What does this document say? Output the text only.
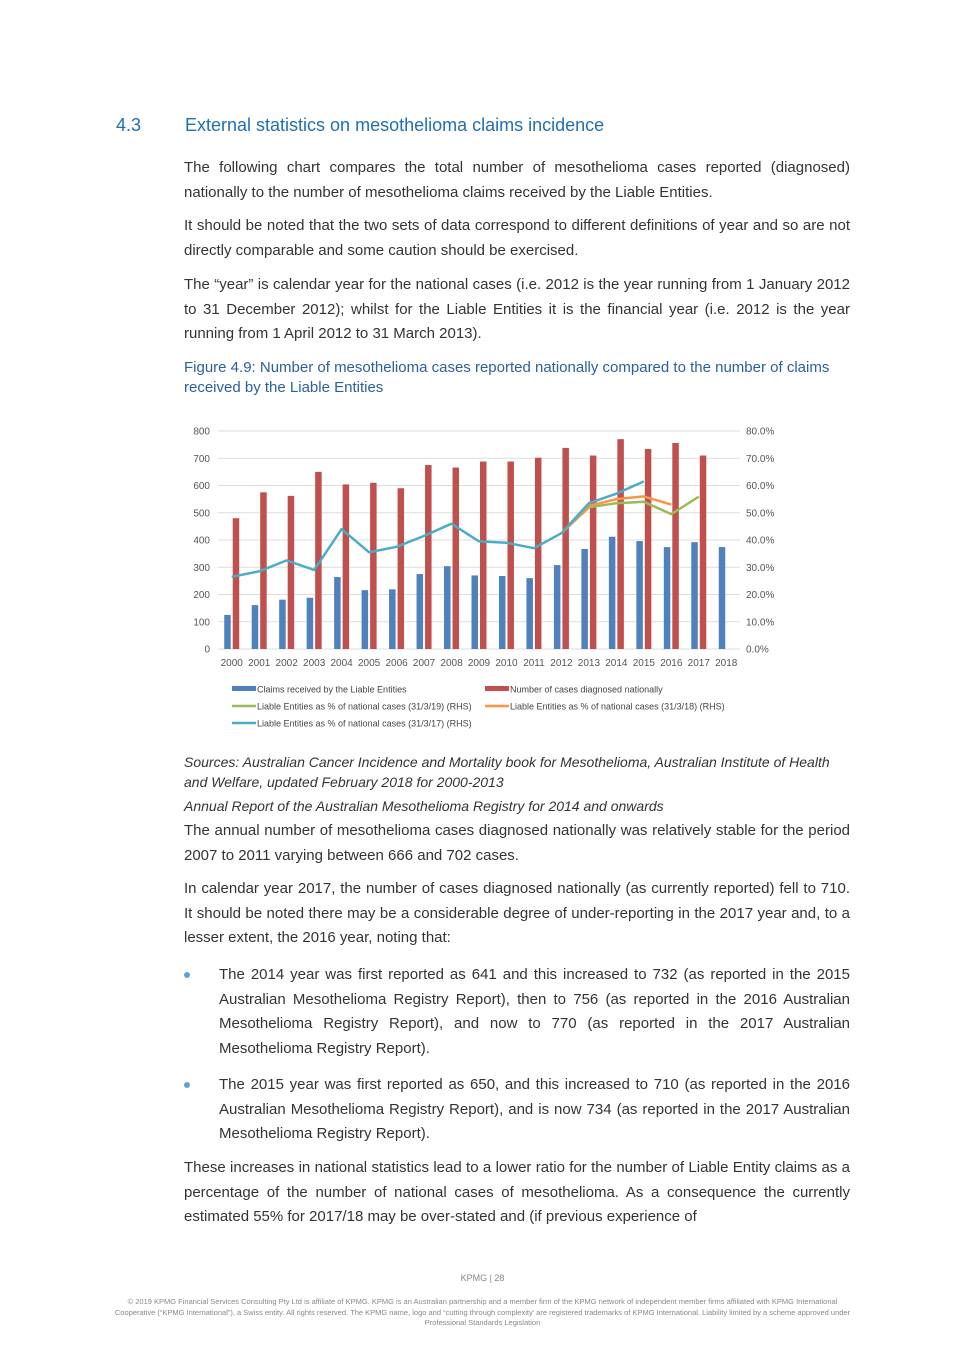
4.3 External statistics on mesothelioma claims incidence

The following chart compares the total number of mesothelioma cases reported (diagnosed) nationally to the number of mesothelioma claims received by the Liable Entities.

It should be noted that the two sets of data correspond to different definitions of year and so are not directly comparable and some caution should be exercised.

The “year” is calendar year for the national cases (i.e. 2012 is the year running from 1 January 2012 to 31 December 2012); whilst for the Liable Entities it is the financial year (i.e. 2012 is the year running from 1 April 2012 to 31 March 2013).

Figure 4.9: Number of mesothelioma cases reported nationally compared to the number of claims received by the Liable Entities
0
100
200
300
400
500
600
700
800
0.0%
10.0%
20.0%
30.0%
40.0%
50.0%
60.0%
70.0%
80.0%
2000 2001 2002 2003 2004 2005 2006 2007 2008 2009 2010 2011 2012 2013 2014 2015 2016 2017 2018
Claims received by the Liable Entities	Number of cases diagnosed nationally
Liable Entities as % of national cases (31/3/19) (RHS)	Liable Entities as % of national cases (31/3/18) (RHS)
Liable Entities as % of national cases (31/3/17) (RHS)
Sources: Australian Cancer Incidence and Mortality book for Mesothelioma, Australian Institute of Health and Welfare, updated February 2018 for 2000-2013
Annual Report of the Australian Mesothelioma Registry for 2014 and onwards

The annual number of mesothelioma cases diagnosed nationally was relatively stable for the period 2007 to 2011 varying between 666 and 702 cases.

In calendar year 2017, the number of cases diagnosed nationally (as currently reported) fell to 710. It should be noted there may be a considerable degree of under-reporting in the 2017 year and, to a lesser extent, the 2016 year, noting that:

The 2014 year was first reported as 641 and this increased to 732 (as reported in the 2015 Australian Mesothelioma Registry Report), then to 756 (as reported in the 2016 Australian Mesothelioma Registry Report), and now to 770 (as reported in the 2017 Australian Mesothelioma Registry Report).
The 2015 year was first reported as 650, and this increased to 710 (as reported in the 2016 Australian Mesothelioma Registry Report), and is now 734 (as reported in the 2017 Australian Mesothelioma Registry Report).

These increases in national statistics lead to a lower ratio for the number of Liable Entity claims as a percentage of the number of national cases of mesothelioma. As a consequence the currently estimated 55% for 2017/18 may be over-stated and (if previous experience of

KPMG | 28
© 2019 KPMG Financial Services Consulting Pty Ltd is affiliate of KPMG. KPMG is an Australian partnership and a member firm of the KPMG network of independent member firms affiliated with KPMG International Cooperative (“KPMG International”), a Swiss entity. All rights reserved. The KPMG name, logo and “cutting through complexity’ are registered trademarks of KPMG International. Liability limited by a scheme approved under Professional Standards Legislation
